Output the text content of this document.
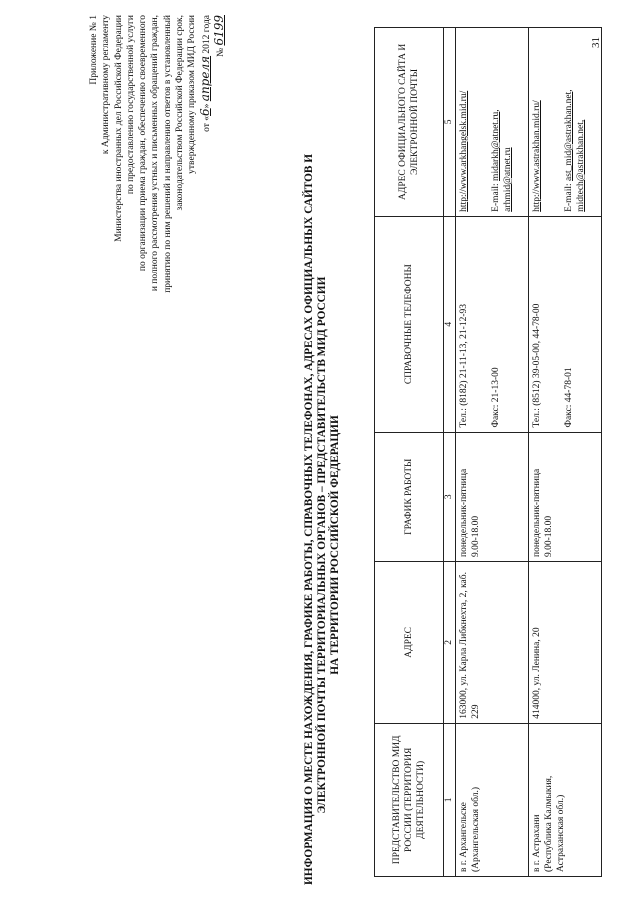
31
Приложение № 1 к Административному регламенту Министерства иностранных дел Российской Федерации по предоставлению государственной услуги по организации приема граждан, обеспечению своевременного и полного рассмотрения устных и письменных обращений граждан, принятию по ним решений и направлению ответов в установленный законодательством Российской Федерации срок, утвержденному приказом МИД России от «6» апреля 2012 года № 6199
ИНФОРМАЦИЯ О МЕСТЕ НАХОЖДЕНИЯ, ГРАФИКЕ РАБОТЫ, СПРАВОЧНЫХ ТЕЛЕФОНАХ, АДРЕСАХ ОФИЦИАЛЬНЫХ САЙТОВ И ЭЛЕКТРОННОЙ ПОЧТЫ ТЕРРИТОРИАЛЬНЫХ ОРГАНОВ – ПРЕДСТАВИТЕЛЬСТВ МИД РОССИИ НА ТЕРРИТОРИИ РОССИЙСКОЙ ФЕДЕРАЦИИ
ПРЕДСТАВИТЕЛЬСТВО МИД РОССИИ (ТЕРРИТОРИЯ ДЕЯТЕЛЬНОСТИ)	АДРЕС	ГРАФИК РАБОТЫ	СПРАВОЧНЫЕ ТЕЛЕФОНЫ	АДРЕС ОФИЦИАЛЬНОГО САЙТА И ЭЛЕКТРОННОЙ ПОЧТЫ
1	2	3	4	5
в г. Архангельске (Архангельская обл.)	163000, ул. Карла Либкнехта, 2, каб. 229	понедельник-пятница 9.00-18.00	Тел.: (8182) 21-11-13, 21-12-93 Факс: 21-13-00	http://www.arkhangelsk.mid.ru/ E-mail: midarkh@atnet.ru,
arhmid@atnet.ru
в г. Астрахани (Республика Калмыкия, Астраханская обл.)	414000, ул. Ленина, 20	понедельник-пятница 9.00-18.00	Тел.: (8512) 39-05-00, 44-78-00 Факс: 44-78-01	http://www.astrakhan.mid.ru/ E-mail: ast_mid@astrakhan.net,
midtech@astrakhan.net,
